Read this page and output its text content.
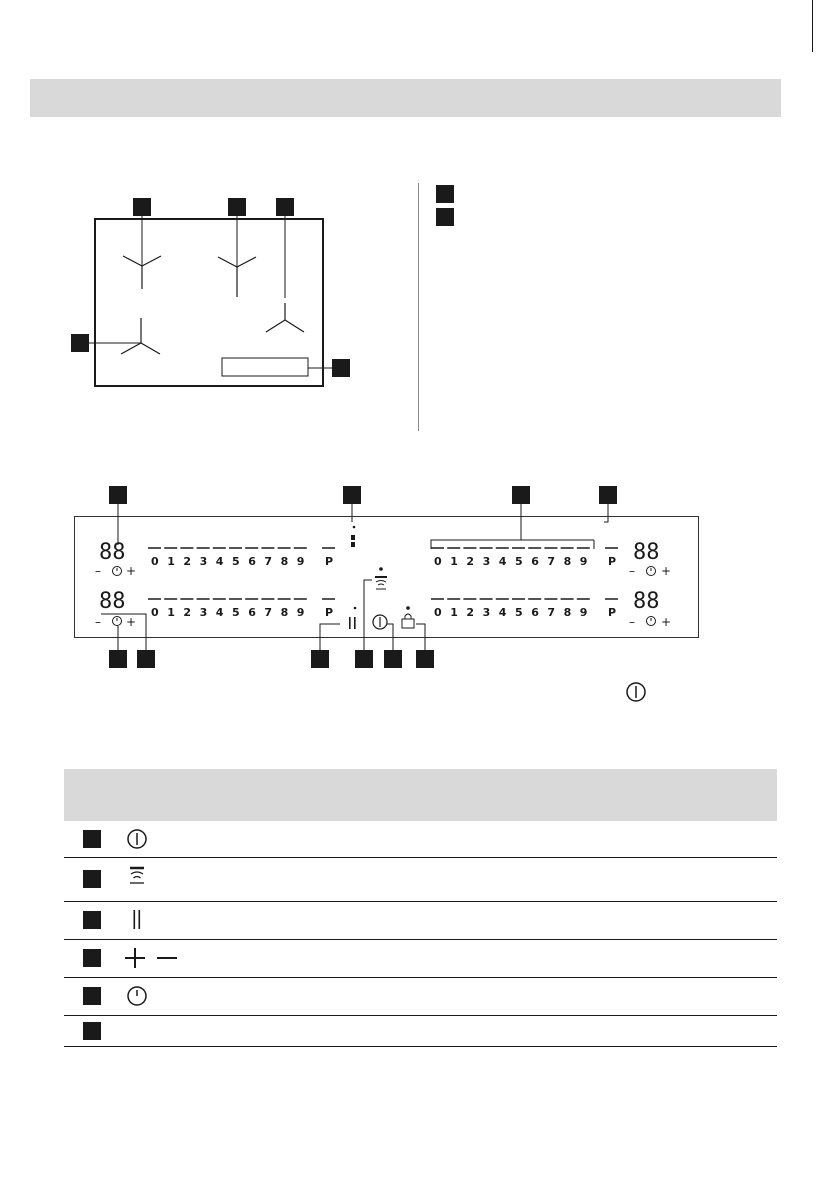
0 1 2 3 4 5 6 7 8 9 P
0 1 2 3 4 5 6 7 8 9 P
0 1 2 3 4 5 6 7 8 9 P
0 1 2 3 4 5 6 7 8 9 P
88
88
88
88
– +
– +
– +
– +
